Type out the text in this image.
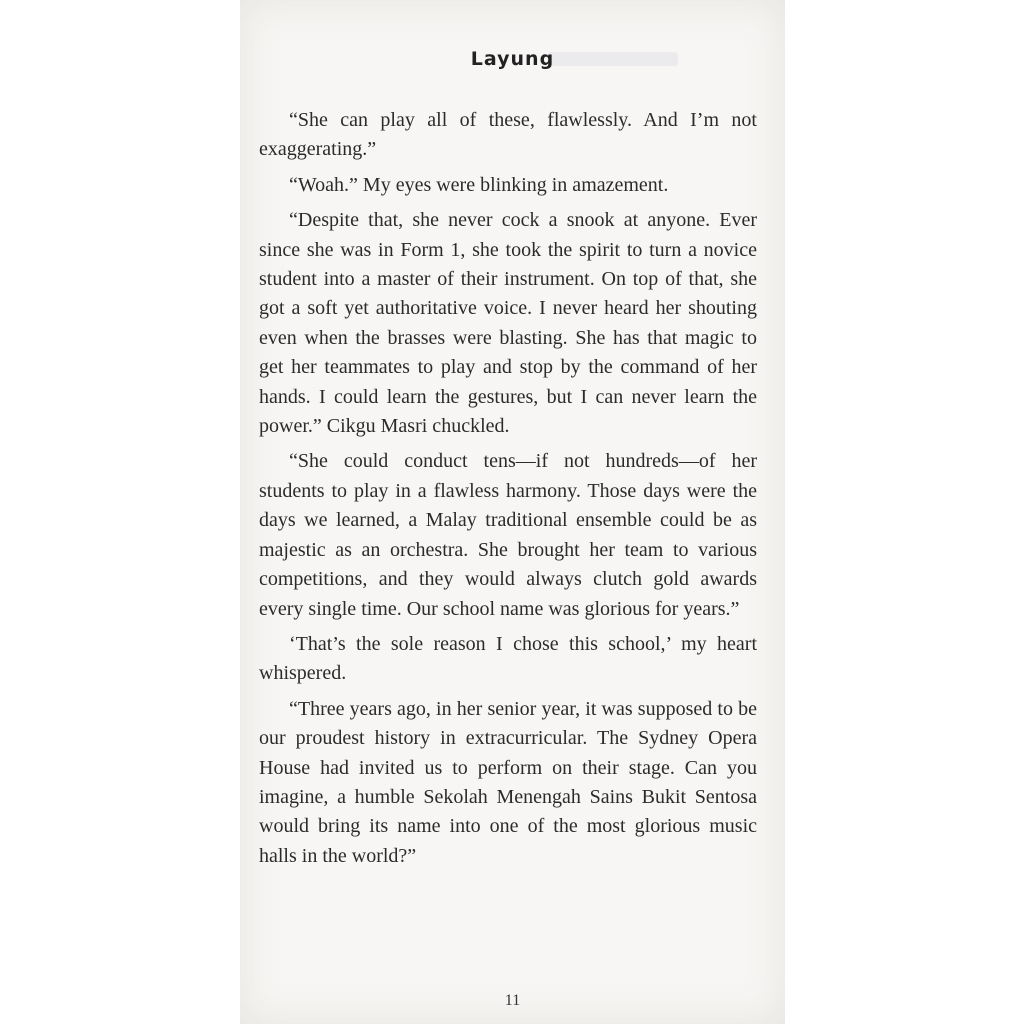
Layung

“She can play all of these, flawlessly. And I’m not exaggerating.”

“Woah.” My eyes were blinking in amazement.

“Despite that, she never cock a snook at anyone. Ever since she was in Form 1, she took the spirit to turn a novice student into a master of their instrument. On top of that, she got a soft yet authoritative voice. I never heard her shouting even when the brasses were blasting. She has that magic to get her teammates to play and stop by the command of her hands. I could learn the gestures, but I can never learn the power.” Cikgu Masri chuckled.

“She could conduct tens—if not hundreds—of her students to play in a flawless harmony. Those days were the days we learned, a Malay traditional ensemble could be as majestic as an orchestra. She brought her team to various competitions, and they would always clutch gold awards every single time. Our school name was glorious for years.”

‘That’s the sole reason I chose this school,’ my heart whispered.

“Three years ago, in her senior year, it was supposed to be our proudest history in extracurricular. The Sydney Opera House had invited us to perform on their stage. Can you imagine, a humble Sekolah Menengah Sains Bukit Sentosa would bring its name into one of the most glorious music halls in the world?”

11
